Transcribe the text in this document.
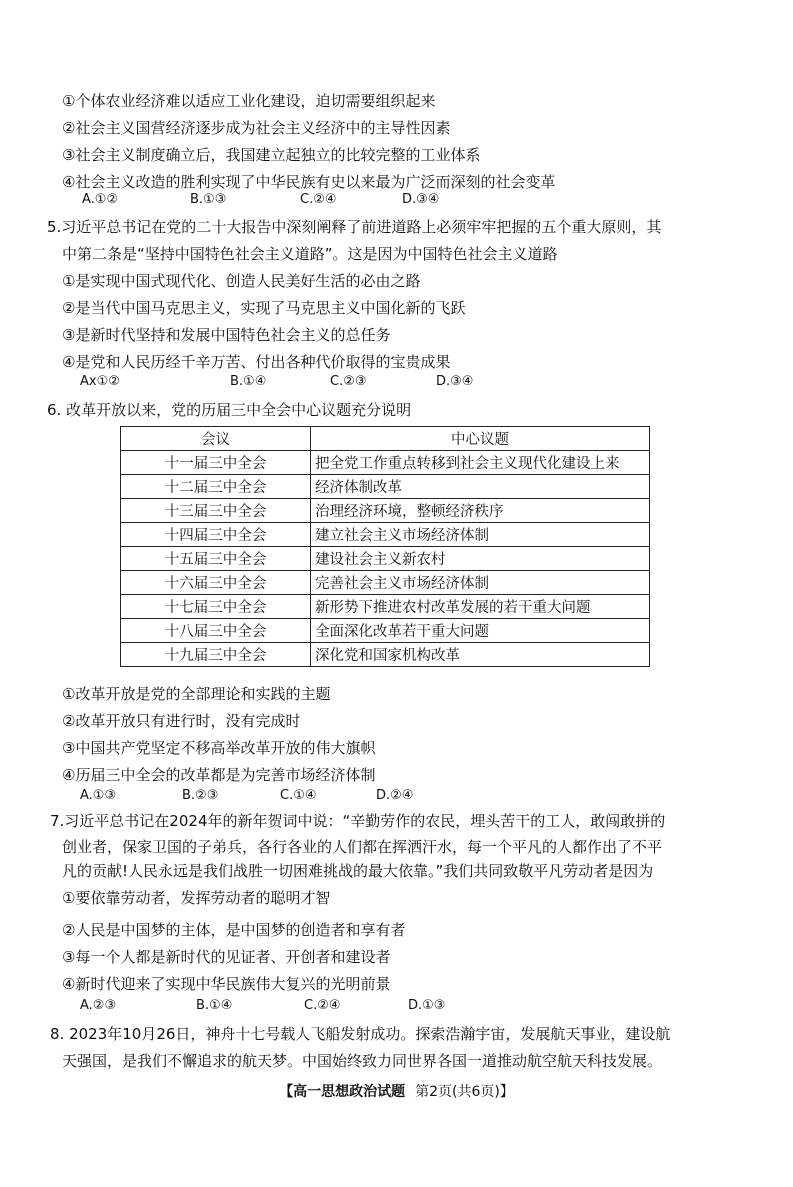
①个体农业经济难以适应工业化建设，迫切需要组织起来
②社会主义国营经济逐步成为社会主义经济中的主导性因素
③社会主义制度确立后，我国建立起独立的比较完整的工业体系
④社会主义改造的胜利实现了中华民族有史以来最为广泛而深刻的社会变革
A.①②	B.①③	C.②④	D.③④
5.习近平总书记在党的二十大报告中深刻阐释了前进道路上必须牢牢把握的五个重大原则，其
中第二条是“坚持中国特色社会主义道路”。这是因为中国特色社会主义道路
①是实现中国式现代化、创造人民美好生活的必由之路
②是当代中国马克思主义，实现了马克思主义中国化新的飞跃
③是新时代坚持和发展中国特色社会主义的总任务
④是党和人民历经千辛万苦、付出各种代价取得的宝贵成果
Ax①②	B.①④	C.②③	D.③④
6. 改革开放以来，党的历届三中全会中心议题充分说明
会议	中心议题
十一届三中全会	把全党工作重点转移到社会主义现代化建设上来
十二届三中全会	经济体制改革
十三届三中全会	治理经济环境，整顿经济秩序
十四届三中全会	建立社会主义市场经济体制
十五届三中全会	建设社会主义新农村
十六届三中全会	完善社会主义市场经济体制
十七届三中全会	新形势下推进农村改革发展的若干重大问题
十八届三中全会	全面深化改革若干重大问题
十九届三中全会	深化党和国家机构改革
①改革开放是党的全部理论和实践的主题
②改革开放只有进行时，没有完成时
③中国共产党坚定不移高举改革开放的伟大旗帜
④历届三中全会的改革都是为完善市场经济体制
A.①③	B.②③	C.①④	D.②④
7.习近平总书记在2024年的新年贺词中说：“辛勤劳作的农民，埋头苦干的工人，敢闯敢拼的
创业者，保家卫国的子弟兵，各行各业的人们都在挥洒汗水，每一个平凡的人都作出了不平
凡的贡献!人民永远是我们战胜一切困难挑战的最大依靠。”我们共同致敬平凡劳动者是因为
①要依靠劳动者，发挥劳动者的聪明才智
②人民是中国梦的主体，是中国梦的创造者和享有者
③每一个人都是新时代的见证者、开创者和建设者
④新时代迎来了实现中华民族伟大复兴的光明前景
A.②③	B.①④	C.②④	D.①③
8. 2023年10月26日，神舟十七号载人飞船发射成功。探索浩瀚宇宙，发展航天事业，建设航
天强国，是我们不懈追求的航天梦。中国始终致力同世界各国一道推动航空航天科技发展。
【高一思想政治试题 第2页(共6页)】
